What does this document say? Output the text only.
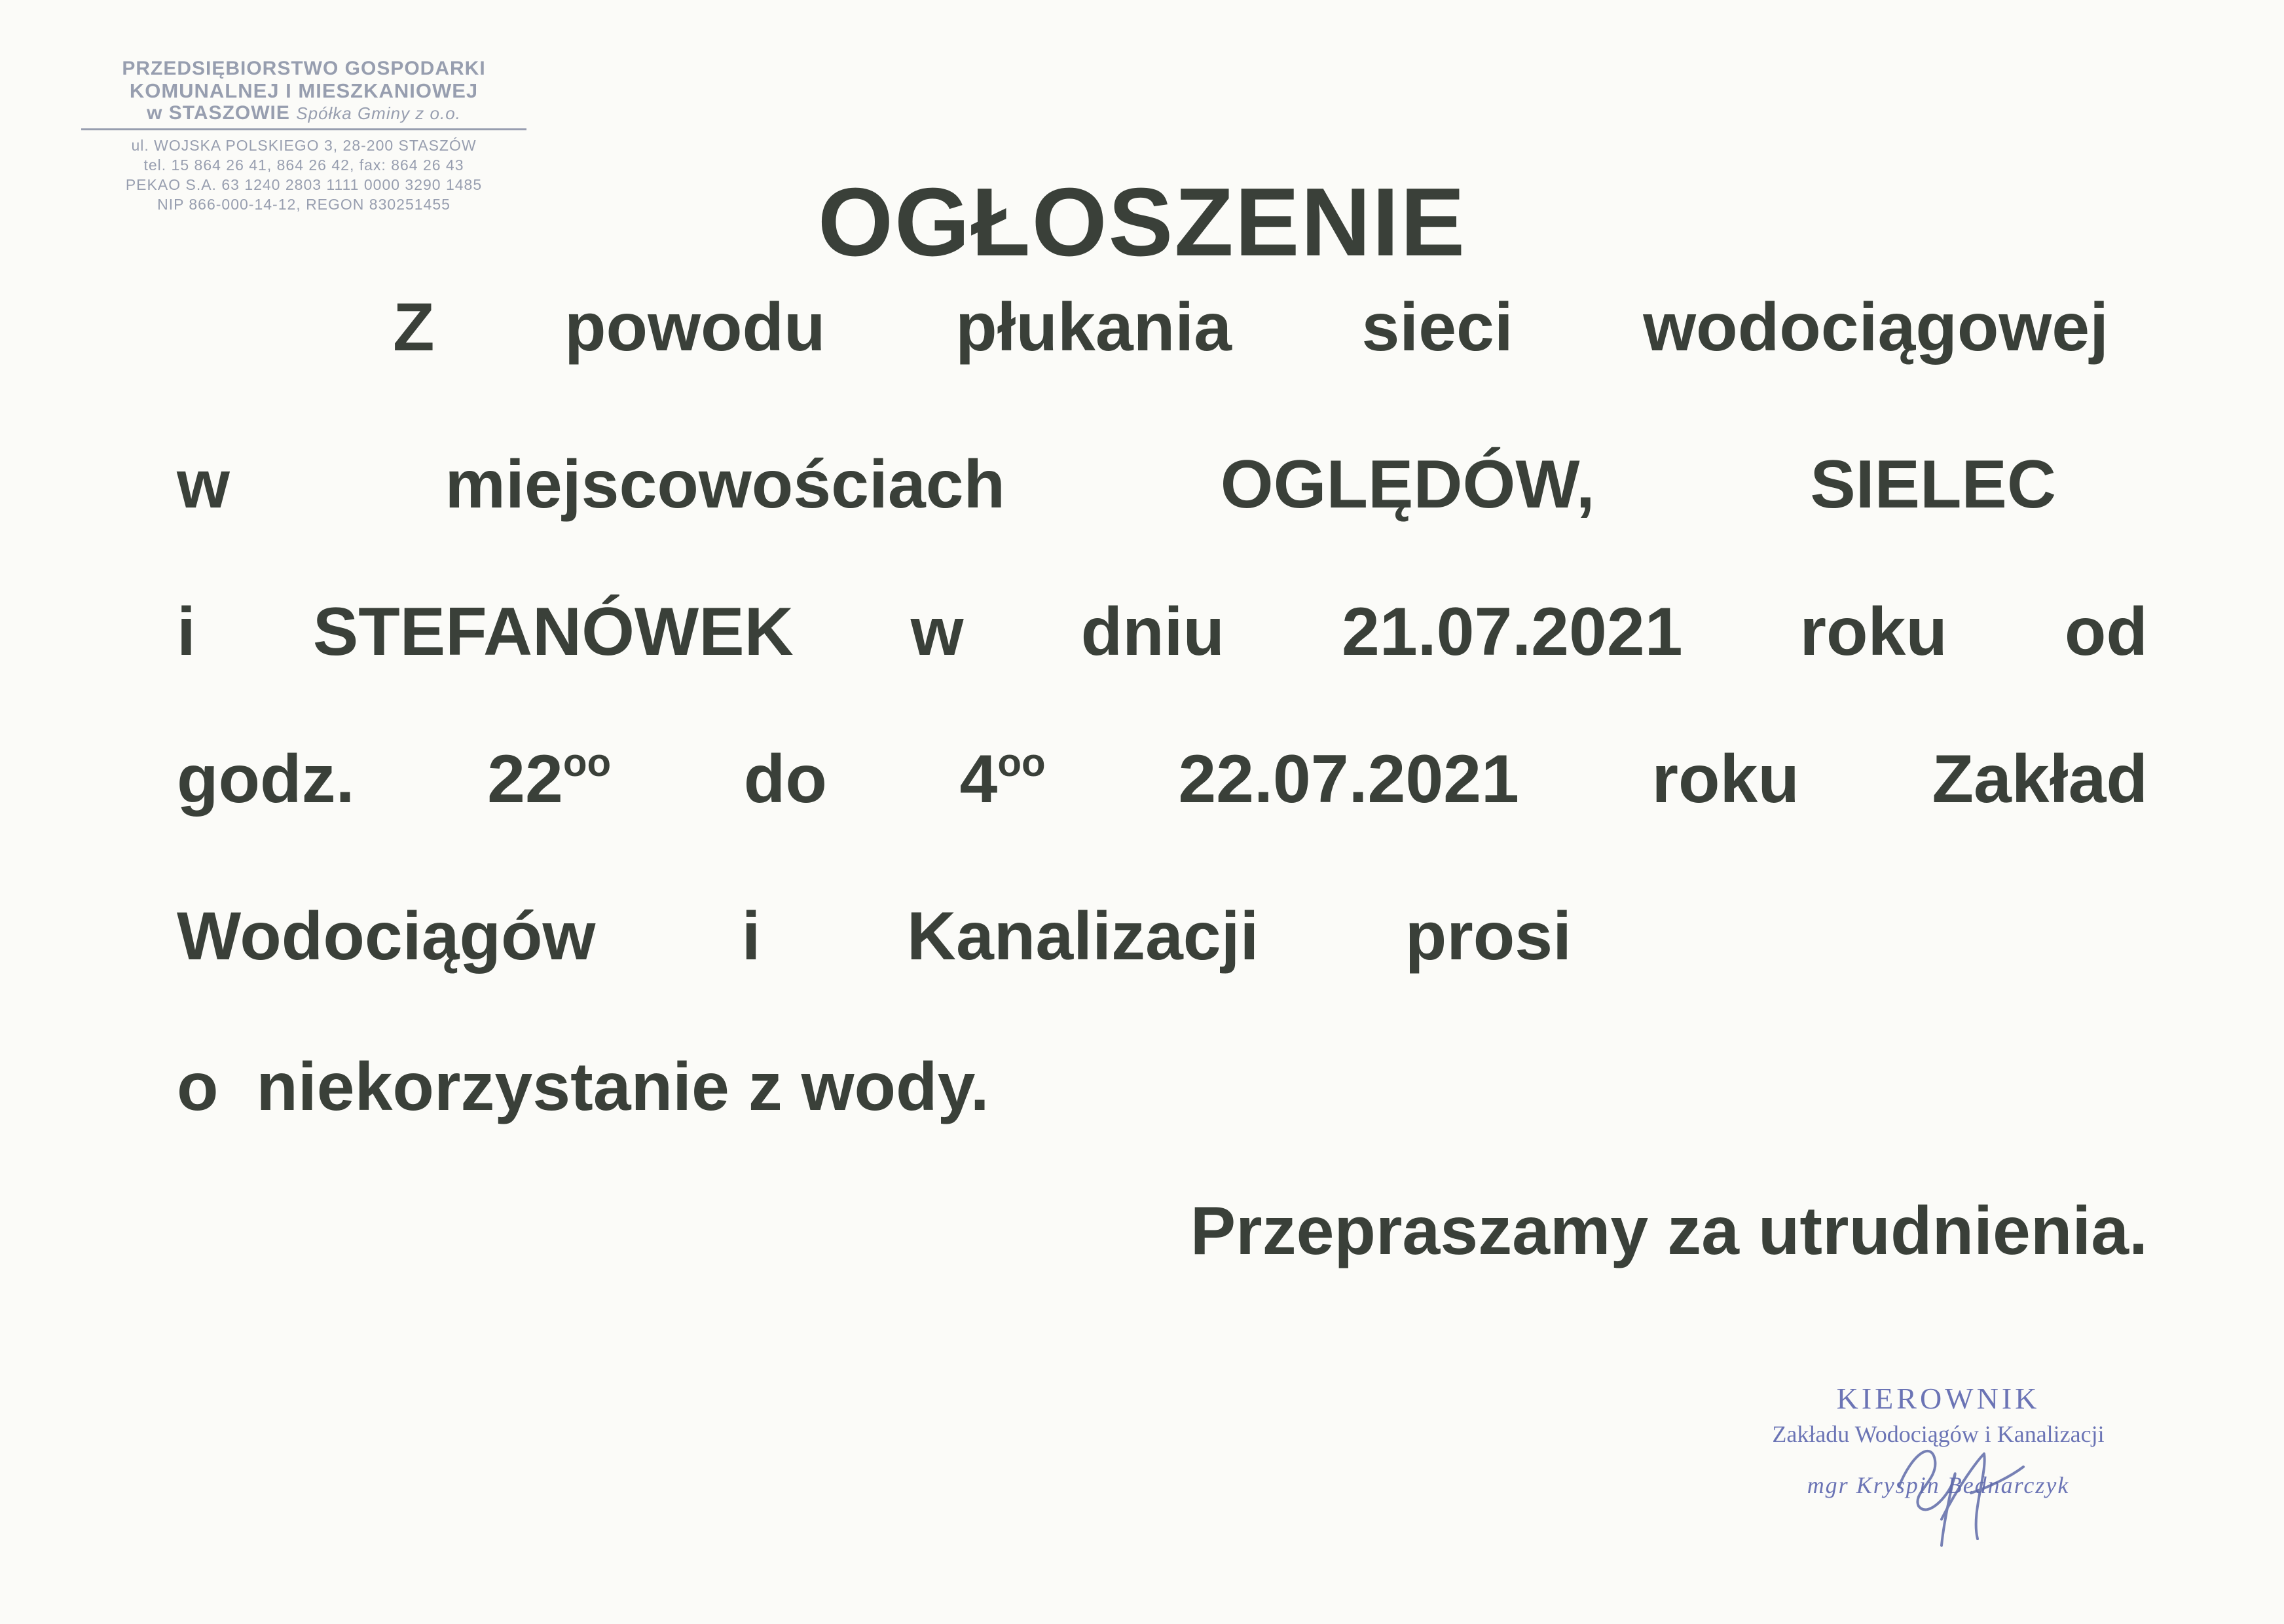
PRZEDSIĘBIORSTWO GOSPODARKI
KOMUNALNEJ I MIESZKANIOWEJ
w STASZOWIE Spółka Gminy z o.o.
ul. WOJSKA POLSKIEGO 3, 28-200 STASZÓW
tel. 15 864 26 41, 864 26 42, fax: 864 26 43
PEKAO S.A. 63 1240 2803 1111 0000 3290 1485
NIP 866-000-14-12, REGON 830251455	OGŁOSZENIE
Z powodu płukania sieci wodociągowej
w	miejscowościach	OGLĘDÓW,	SIELEC
i STEFANÓWEK w dniu 21.07.2021 roku od
godz. $22^{oo}$ do $4^{oo}$ 22.07.2021 roku Zakład
Wodociągów i Kanalizacji prosi
o  niekorzystanie z wody.
Przepraszamy za utrudnienia.
KIEROWNIK
Zakładu Wodociągów i Kanalizacji
mgr Kryspin Bednarczyk
